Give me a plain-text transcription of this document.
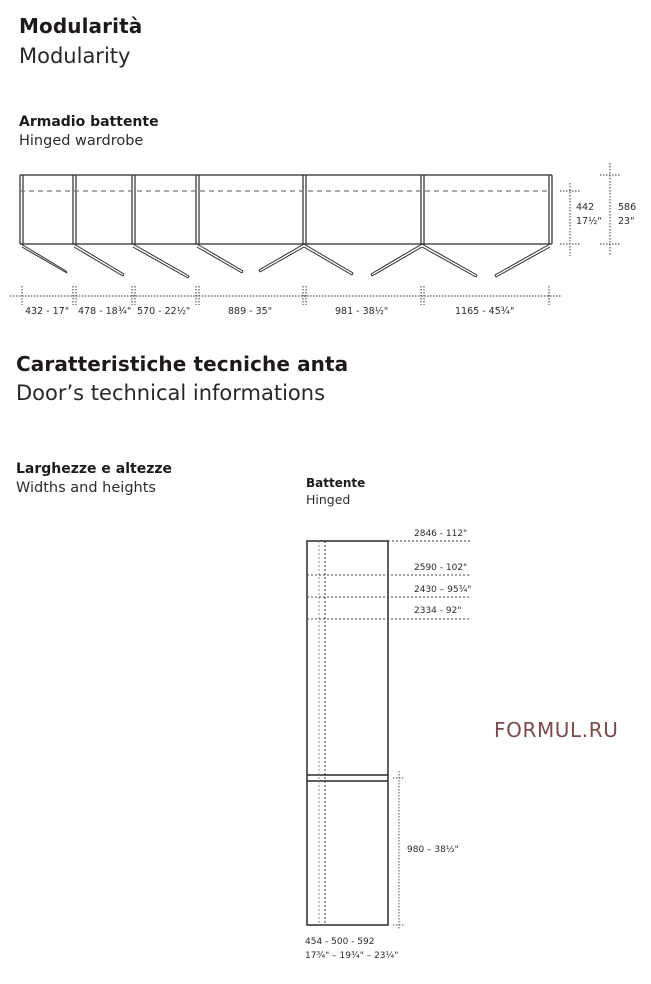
Modularità
Modularity
Armadio battente
Hinged wardrobe
432 - 17" 478 - 18¾" 570 - 22½"	889 - 35"	981 - 38½"	1165 - 45¾"
442
17½"
586
23"
Caratteristiche tecniche anta
Door’s technical informations
Larghezze e altezze
Widths and heights	Battente
Hinged
2846 - 112"
2590 - 102"
2430 – 95¾"
2334 - 92"
980 – 38½"
454 - 500 - 592
17¾" – 19¾" – 23¼"
FORMUL.RU
